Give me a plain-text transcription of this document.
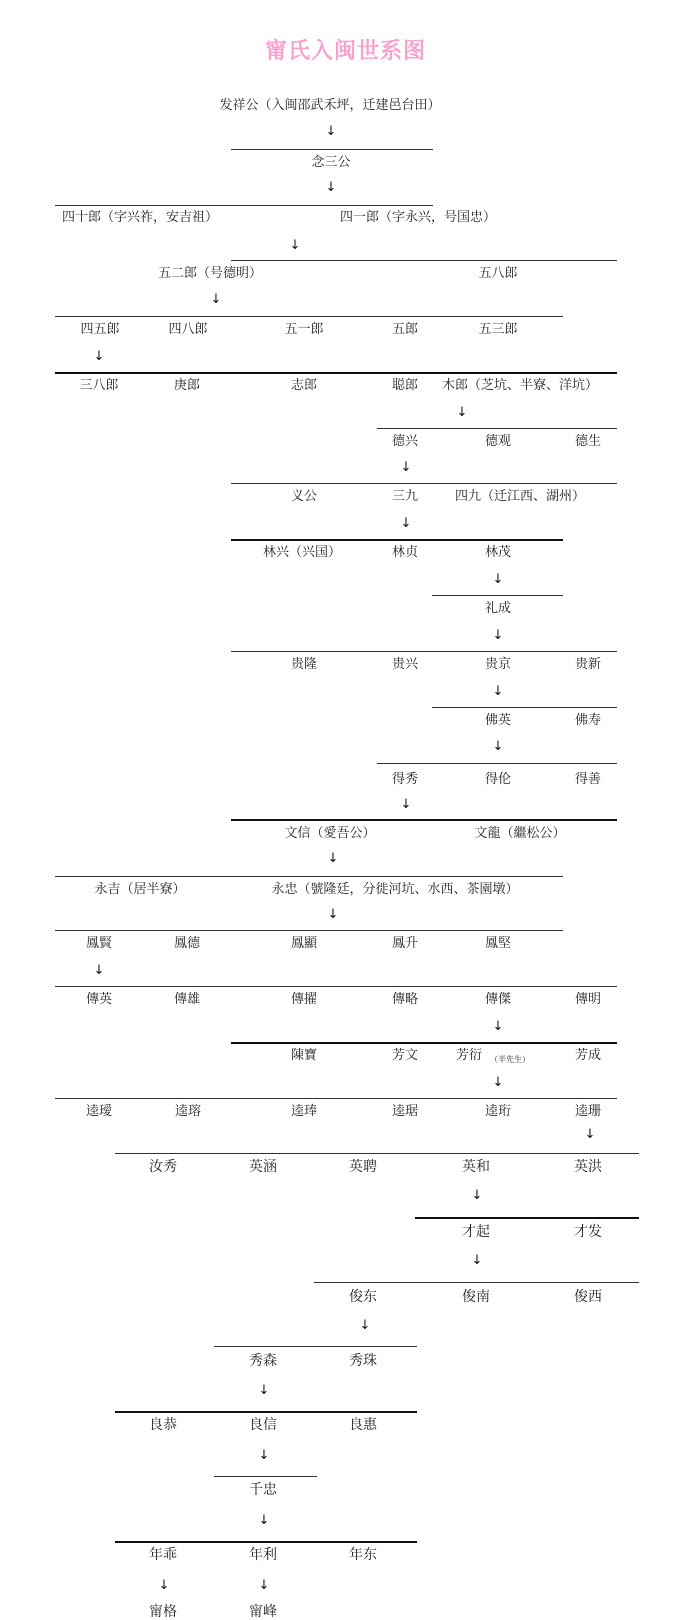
甯氏入闽世系图
发祥公（入闽邵武禾坪，迁建邑台田）
↓
念三公
↓
四十郎（字兴祚，安吉祖）	四一郎（字永兴，号国忠）
↓
五二郎（号德明）	五八郎
↓
四五郎	四八郎	五一郎	五郎	五三郎
↓
三八郎	庚郎	志郎	聪郎 木郎（芝坑、半寮、洋坑）
↓
德兴	德观	德生
↓
义公	三九	四九（迁江西、湖州）
↓
林兴（兴国）	林贞	林茂
↓
礼成
↓
贵隆	贵兴	贵京	贵新
↓
佛英	佛寿
↓
得秀	得伦	得善
↓
文信（愛吾公）	文龍（繼松公）
↓
永吉（居半寮）	永忠（號隆廷，分徙河坑、水西、茶園墩）
↓
鳳賢	鳳德	鳳顯	鳳升	鳳堅
↓
傳英	傳雄	傳擢	傳略	傳傑	傳明
↓
陳寶	芳文	芳衍 （半先生）	芳成
↓
逵璦	逵瑢	逵琫	逵琚	逵珩	逵珊
↓
汝秀	英涵	英聘	英和	英洪
↓
才起	才发
↓
俊东	俊南	俊西
↓
秀森	秀珠
↓
良恭	良信	良惠
↓
千忠
↓
年乖	年利	年东
↓	↓
甯格	甯峰
